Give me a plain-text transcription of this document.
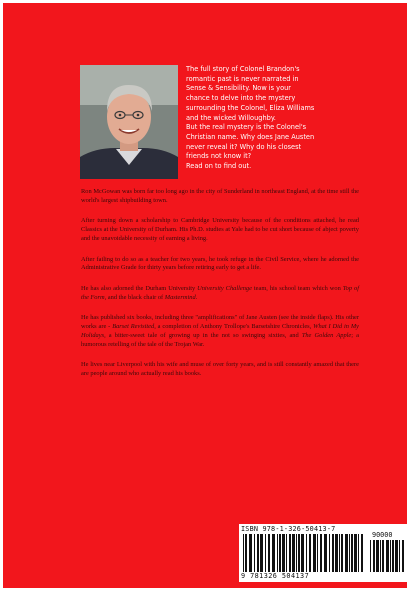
The full story of Colonel Brandon's
romantic past is never narrated in
Sense & Sensibility. Now is your
chance to delve into the mystery
surrounding the Colonel, Eliza Williams
and the wicked Willoughby.
But the real mystery is the Colonel's
Christian name. Why does Jane Austen
never reveal it? Why do his closest
friends not know it?
Read on to find out.

Ron McGowan was born far too long ago in the city of Sunderland in northeast England, at the time still the world's largest shipbuilding town.

After turning down a scholarship to Cambridge University because of the conditions attached, he read Classics at the University of Durham. His Ph.D. studies at Yale had to be cut short because of abject poverty and the unavoidable necessity of earning a living.

After failing to do so as a teacher for two years, he took refuge in the Civil Service, where he adorned the Administrative Grade for thirty years before retiring early to get a life.

He has also adorned the Durham University University Challenge team, his school team which won Top of the Form, and the black chair of Mastermind.

He has published six books, including three "amplifications" of Jane Austen (see the inside flaps). His other works are - Barset Revisited, a completion of Anthony Trollope's Barsetshire Chronicles, What I Did in My Holidays, a bitter-sweet tale of growing up in the not so swinging sixties, and The Golden Apple; a humorous retelling of the tale of the Trojan War.

He lives near Liverpool with his wife and muse of over forty years, and is still constantly amazed that there are people around who actually read his books.

ISBN 978-1-326-50413-7
90000
9 781326 504137
